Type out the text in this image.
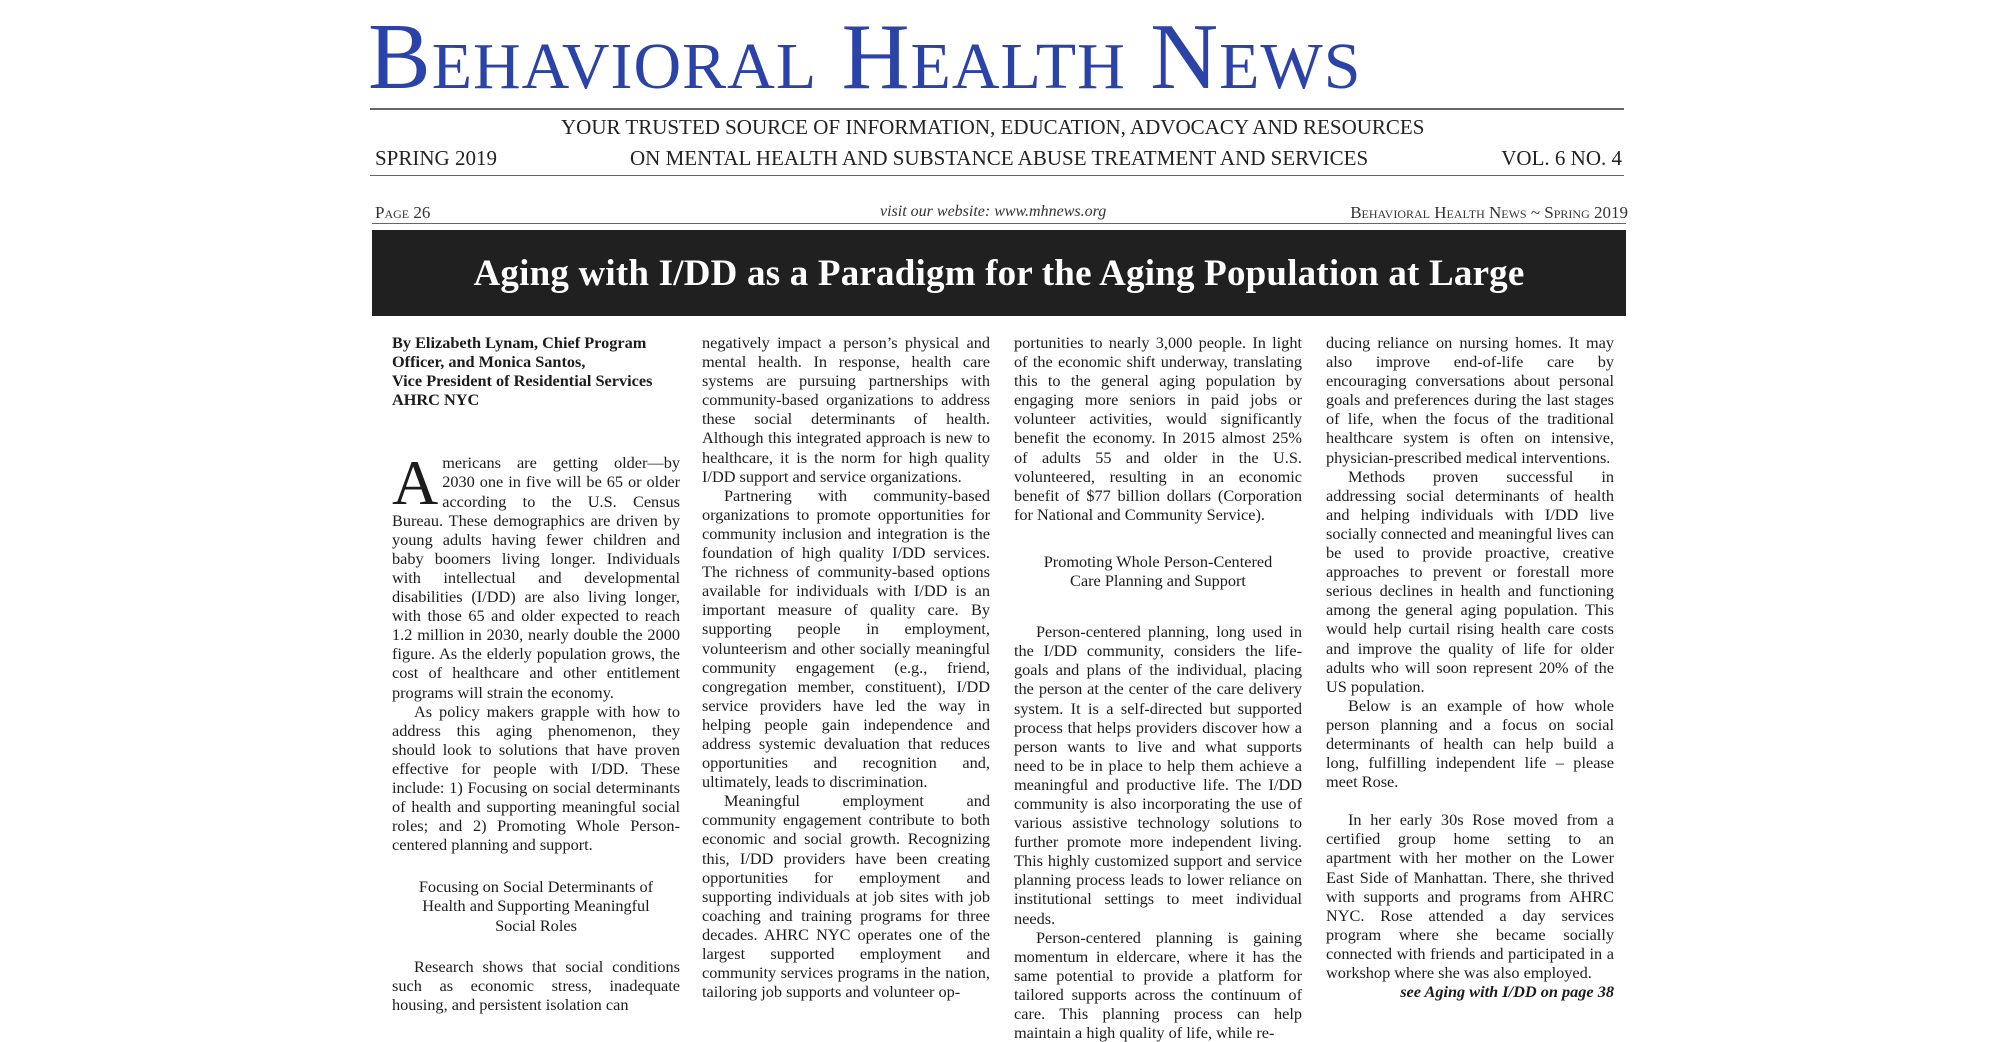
Behavioral Health News
YOUR TRUSTED SOURCE OF INFORMATION, EDUCATION, ADVOCACY AND RESOURCES
SPRING 2019	ON MENTAL HEALTH AND SUBSTANCE ABUSE TREATMENT AND SERVICES	VOL. 6 NO. 4
Page 26	visit our website: www.mhnews.org	Behavioral Health News ~ Spring 2019
Aging with I/DD as a Paradigm for the Aging Population at Large
By Elizabeth Lynam, Chief Program
Officer, and Monica Santos,
Vice President of Residential Services
AHRC NYC

Americans are getting older—by 2030 one in five will be 65 or older according to the U.S. Census Bureau. These demographics are driven by young adults having fewer children and baby boomers living longer. Individuals with intellectual and developmental disabilities (I/DD) are also living longer, with those 65 and older expected to reach 1.2 million in 2030, nearly double the 2000 figure. As the elderly population grows, the cost of healthcare and other entitlement programs will strain the economy.

As policy makers grapple with how to address this aging phenomenon, they should look to solutions that have proven effective for people with I/DD. These include: 1) Focusing on social determinants of health and supporting meaningful social roles; and 2) Promoting Whole Person-centered planning and support.

Focusing on Social Determinants of
Health and Supporting Meaningful
Social Roles

Research shows that social conditions such as economic stress, inadequate housing, and persistent isolation can

negatively impact a person’s physical and mental health. In response, health care systems are pursuing partnerships with community-based organizations to address these social determinants of health. Although this integrated approach is new to healthcare, it is the norm for high quality I/DD support and service organizations.

Partnering with community-based organizations to promote opportunities for community inclusion and integration is the foundation of high quality I/DD services. The richness of community-based options available for individuals with I/DD is an important measure of quality care. By supporting people in employment, volunteerism and other socially meaningful community engagement (e.g., friend, congregation member, constituent), I/DD service providers have led the way in helping people gain independence and address systemic devaluation that reduces opportunities and recognition and, ultimately, leads to discrimination.

Meaningful employment and community engagement contribute to both economic and social growth. Recognizing this, I/DD providers have been creating opportunities for employment and supporting individuals at job sites with job coaching and training programs for three decades. AHRC NYC operates one of the largest supported employment and community services programs in the nation, tailoring job supports and volunteer op-

portunities to nearly 3,000 people. In light of the economic shift underway, translating this to the general aging population by engaging more seniors in paid jobs or volunteer activities, would significantly benefit the economy. In 2015 almost 25% of adults 55 and older in the U.S. volunteered, resulting in an economic benefit of $77 billion dollars (Corporation for National and Community Service).

Promoting Whole Person-Centered
Care Planning and Support

Person-centered planning, long used in the I/DD community, considers the life-goals and plans of the individual, placing the person at the center of the care delivery system. It is a self-directed but supported process that helps providers discover how a person wants to live and what supports need to be in place to help them achieve a meaningful and productive life. The I/DD community is also incorporating the use of various assistive technology solutions to further promote more independent living. This highly customized support and service planning process leads to lower reliance on institutional settings to meet individual needs.

Person-centered planning is gaining momentum in eldercare, where it has the same potential to provide a platform for tailored supports across the continuum of care. This planning process can help maintain a high quality of life, while re-

ducing reliance on nursing homes. It may also improve end-of-life care by encouraging conversations about personal goals and preferences during the last stages of life, when the focus of the traditional healthcare system is often on intensive, physician-prescribed medical interventions.

Methods proven successful in addressing social determinants of health and helping individuals with I/DD live socially connected and meaningful lives can be used to provide proactive, creative approaches to prevent or forestall more serious declines in health and functioning among the general aging population. This would help curtail rising health care costs and improve the quality of life for older adults who will soon represent 20% of the US population.

Below is an example of how whole person planning and a focus on social determinants of health can help build a long, fulfilling independent life – please meet Rose.

In her early 30s Rose moved from a certified group home setting to an apartment with her mother on the Lower East Side of Manhattan. There, she thrived with supports and programs from AHRC NYC. Rose attended a day services program where she became socially connected with friends and participated in a workshop where she was also employed.

see Aging with I/DD on page 38
